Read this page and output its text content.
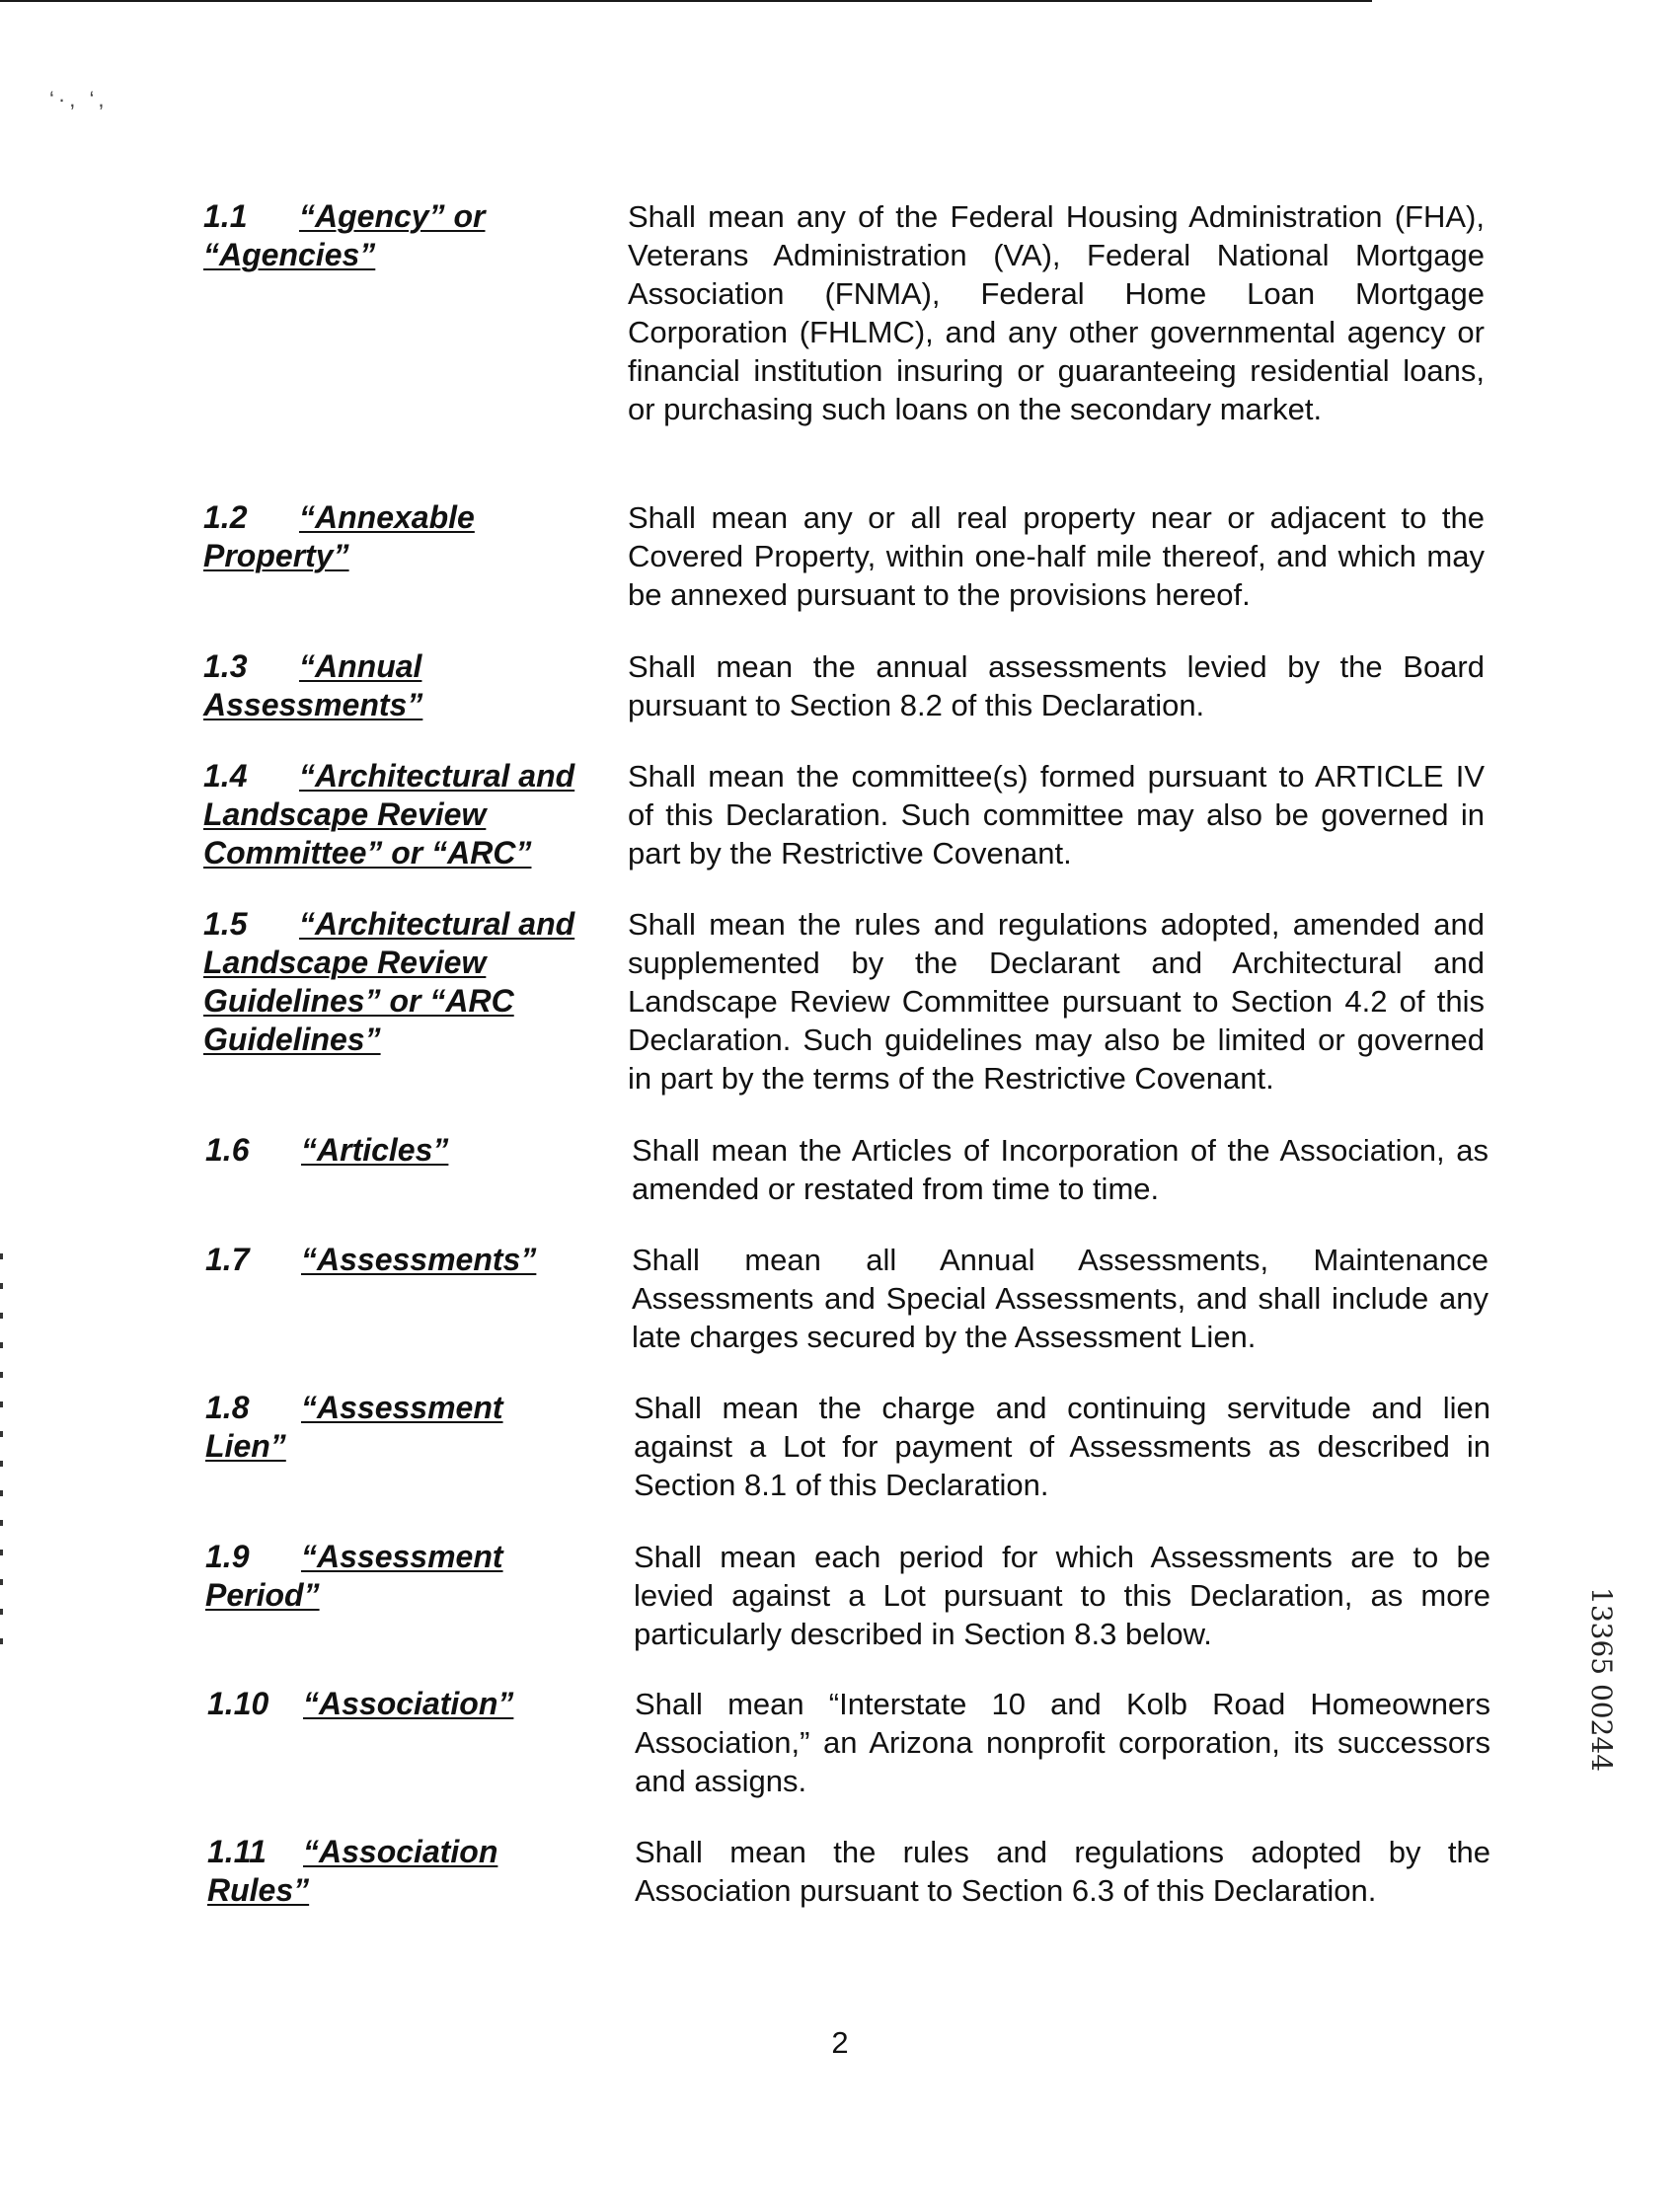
‘·, ‘,
1.1 “Agency” or
“Agencies”
Shall mean any of the Federal Housing Administration (FHA), Veterans Administration (VA), Federal National Mortgage Association (FNMA), Federal Home Loan Mortgage Corporation (FHLMC), and any other governmental agency or financial institution insuring or guaranteeing residential loans, or purchasing such loans on the secondary market.
1.2 “Annexable
Property”
Shall mean any or all real property near or adjacent to the Covered Property, within one-half mile thereof, and which may be annexed pursuant to the provisions hereof.
1.3 “Annual
Assessments”
Shall mean the annual assessments levied by the Board pursuant to Section 8.2 of this Declaration.
1.4 “Architectural and
Landscape Review
Committee” or “ARC”
Shall mean the committee(s) formed pursuant to ARTICLE IV of this Declaration. Such committee may also be governed in part by the Restrictive Covenant.
1.5 “Architectural and
Landscape Review
Guidelines” or “ARC
Guidelines”
Shall mean the rules and regulations adopted, amended and supplemented by the Declarant and Architectural and Landscape Review Committee pursuant to Section 4.2 of this Declaration. Such guidelines may also be limited or governed in part by the terms of the Restrictive Covenant.
1.6 “Articles”	Shall mean the Articles of Incorporation of the Association, as amended or restated from time to time.
1.7 “Assessments”	Shall mean all Annual Assessments, Maintenance Assessments and Special Assessments, and shall include any late charges secured by the Assessment Lien.
1.8 “Assessment
Lien”
Shall mean the charge and continuing servitude and lien against a Lot for payment of Assessments as described in Section 8.1 of this Declaration.
1.9 “Assessment
Period”
Shall mean each period for which Assessments are to be levied against a Lot pursuant to this Declaration, as more particularly described in Section 8.3 below.
1.10 “Association”	Shall mean “Interstate 10 and Kolb Road Homeowners Association,” an Arizona nonprofit corporation, its successors and assigns.
1.11 “Association
Rules”
Shall mean the rules and regulations adopted by the Association pursuant to Section 6.3 of this Declaration.
2
13365 00244
